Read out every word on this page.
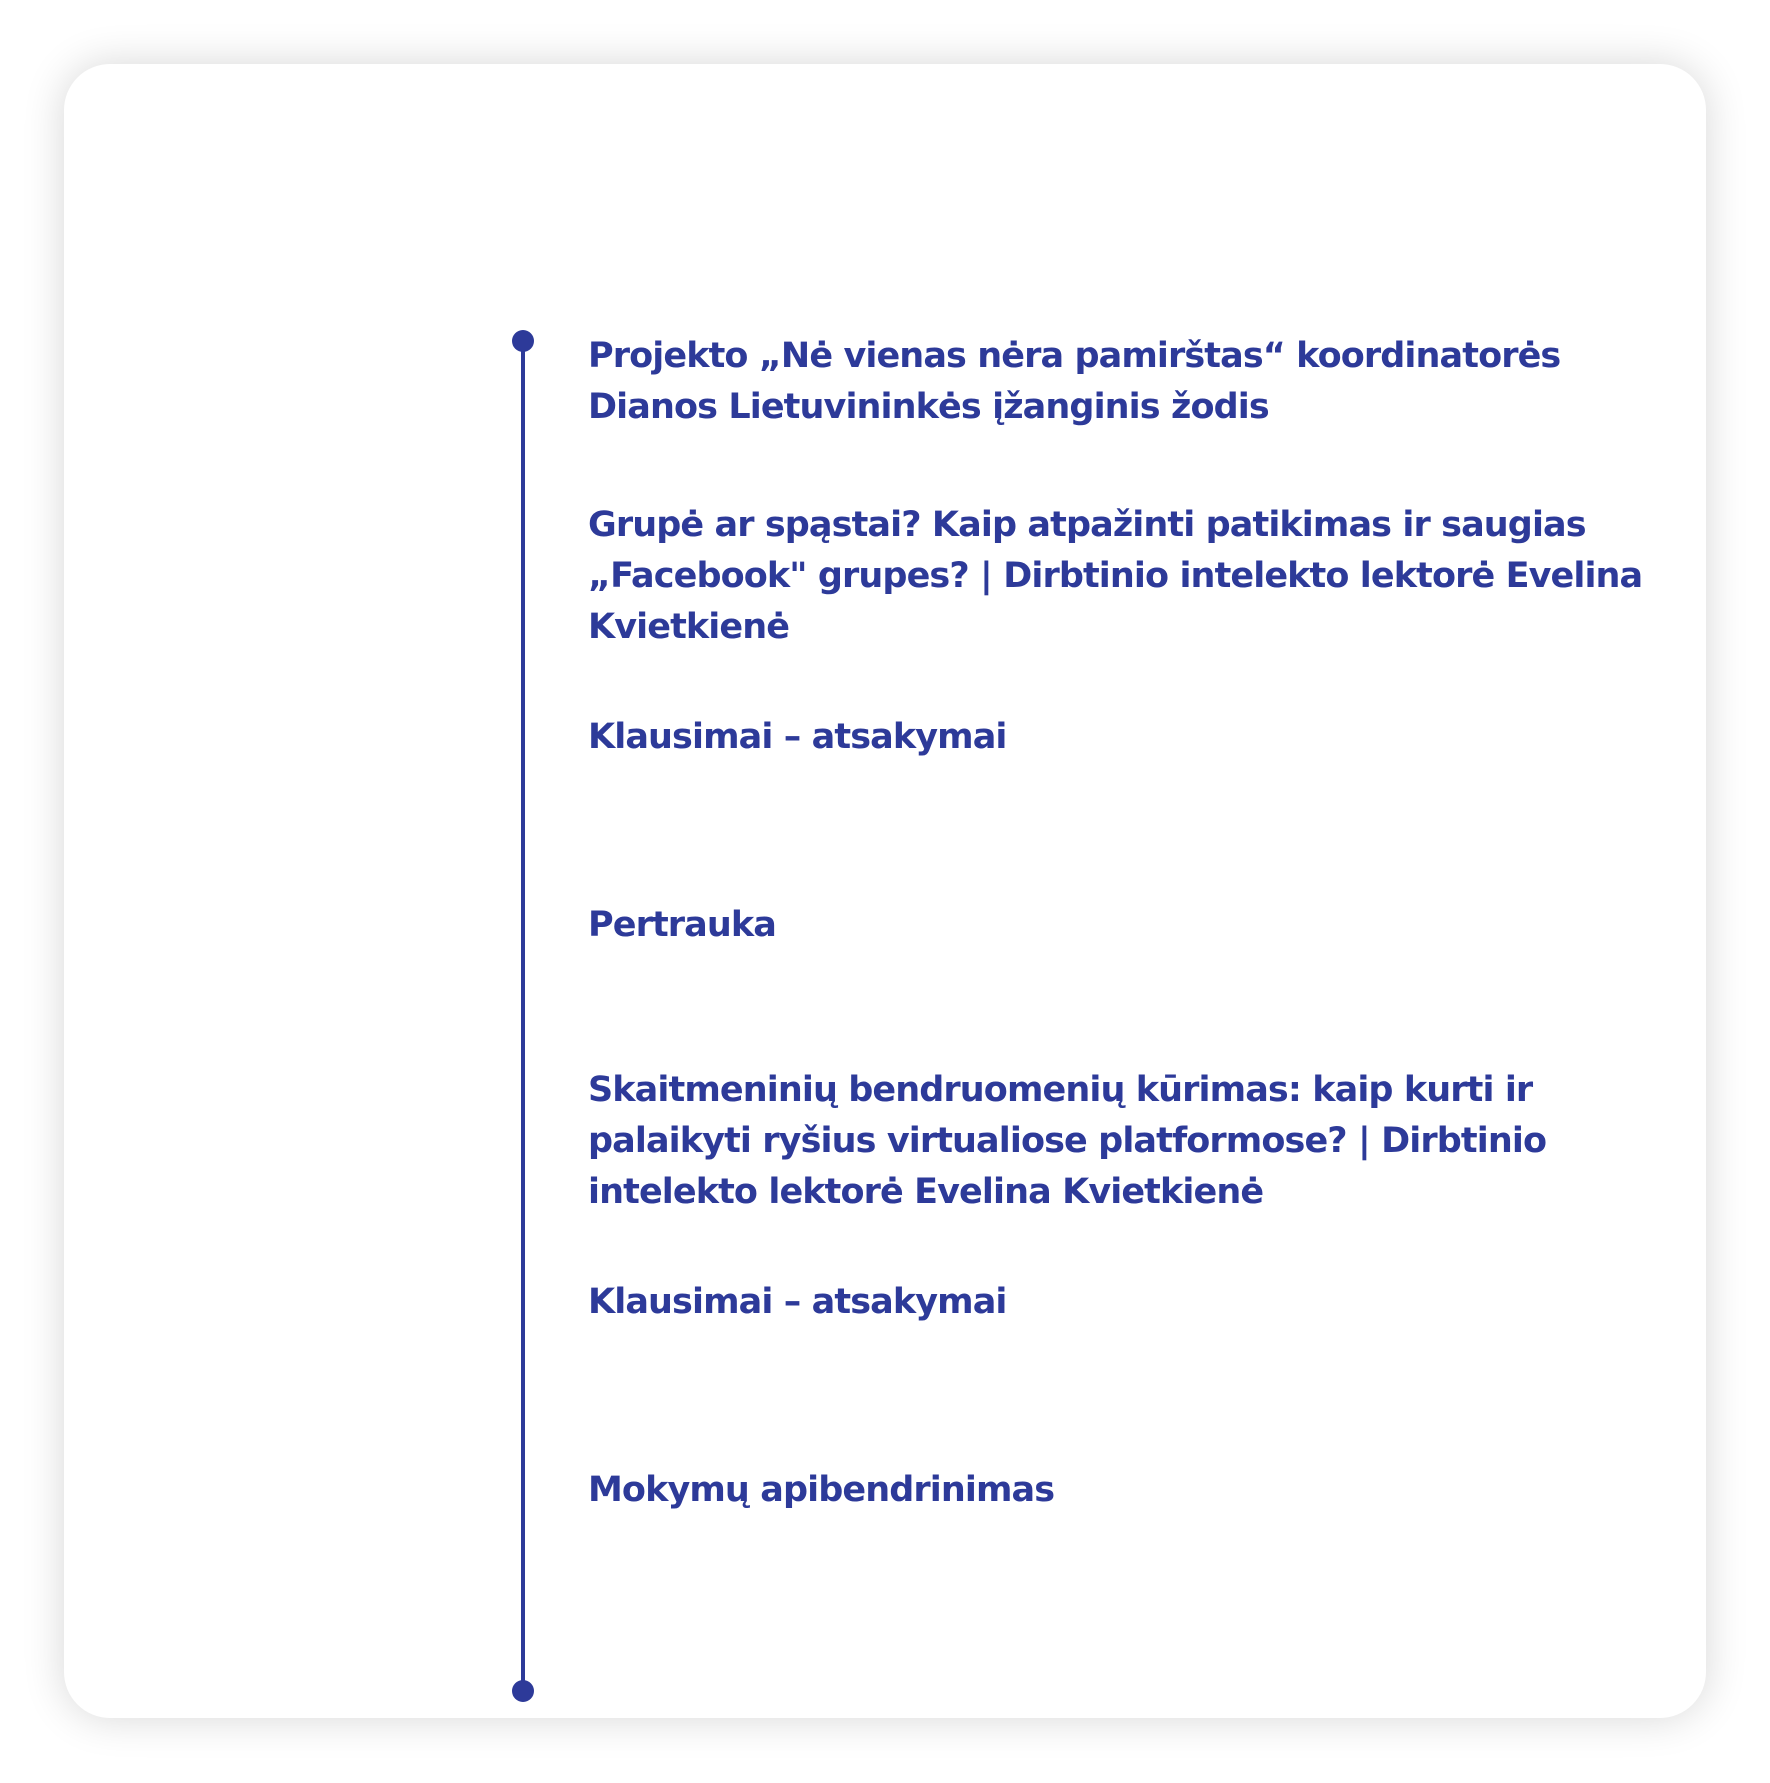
Projekto „Nė vienas nėra pamirštas“ koordinatorės Dianos Lietuvininkės įžanginis žodis

Grupė ar spąstai? Kaip atpažinti patikimas ir saugias „Facebook" grupes? | Dirbtinio intelekto lektorė Evelina Kvietkienė

Klausimai – atsakymai

Pertrauka

Skaitmeninių bendruomenių kūrimas: kaip kurti ir palaikyti ryšius virtualiose platformose? | Dirbtinio intelekto lektorė Evelina Kvietkienė

Klausimai – atsakymai

Mokymų apibendrinimas
